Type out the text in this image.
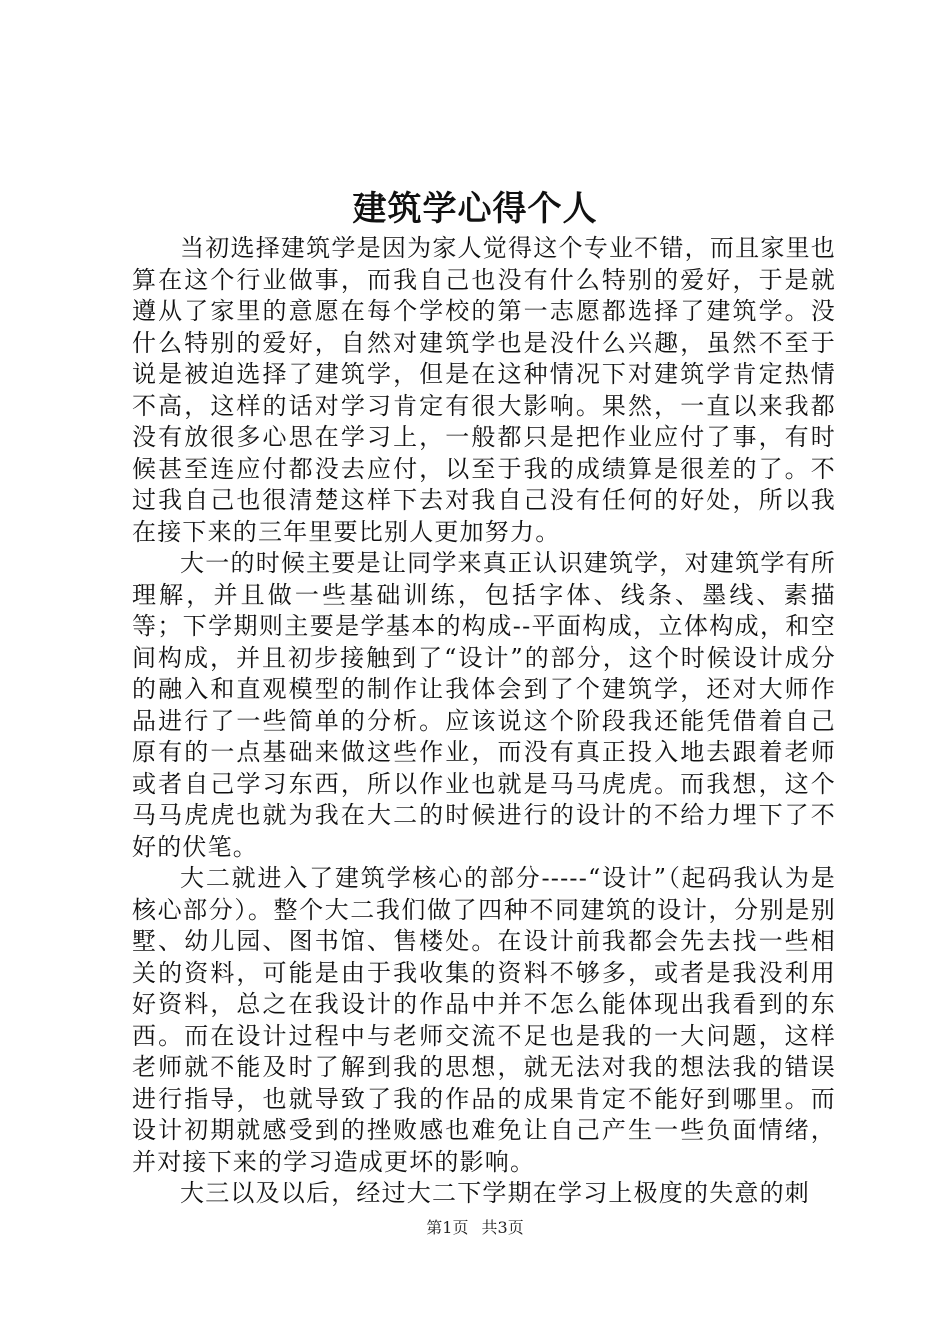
建筑学心得个人

当初选择建筑学是因为家人觉得这个专业不错，而且家里也算在这个行业做事，而我自己也没有什么特别的爱好，于是就遵从了家里的意愿在每个学校的第一志愿都选择了建筑学。没什么特别的爱好，自然对建筑学也是没什么兴趣，虽然不至于说是被迫选择了建筑学，但是在这种情况下对建筑学肯定热情不高，这样的话对学习肯定有很大影响。果然，一直以来我都没有放很多心思在学习上，一般都只是把作业应付了事，有时候甚至连应付都没去应付，以至于我的成绩算是很差的了。不过我自己也很清楚这样下去对我自己没有任何的好处，所以我在接下来的三年里要比别人更加努力。

大一的时候主要是让同学来真正认识建筑学，对建筑学有所理解，并且做一些基础训练，包括字体、线条、墨线、素描等；下学期则主要是学基本的构成--平面构成，立体构成，和空间构成，并且初步接触到了“设计”的部分，这个时候设计成分的融入和直观模型的制作让我体会到了个建筑学，还对大师作品进行了一些简单的分析。应该说这个阶段我还能凭借着自己原有的一点基础来做这些作业，而没有真正投入地去跟着老师或者自己学习东西，所以作业也就是马马虎虎。而我想，这个马马虎虎也就为我在大二的时候进行的设计的不给力埋下了不好的伏笔。

大二就进入了建筑学核心的部分-----“设计”（起码我认为是核心部分）。整个大二我们做了四种不同建筑的设计，分别是别墅、幼儿园、图书馆、售楼处。在设计前我都会先去找一些相关的资料，可能是由于我收集的资料不够多，或者是我没利用好资料，总之在我设计的作品中并不怎么能体现出我看到的东西。而在设计过程中与老师交流不足也是我的一大问题，这样老师就不能及时了解到我的思想，就无法对我的想法我的错误进行指导，也就导致了我的作品的成果肯定不能好到哪里。而设计初期就感受到的挫败感也难免让自己产生一些负面情绪，并对接下来的学习造成更坏的影响。

大三以及以后，经过大二下学期在学习上极度的失意的刺

第1页 共3页
